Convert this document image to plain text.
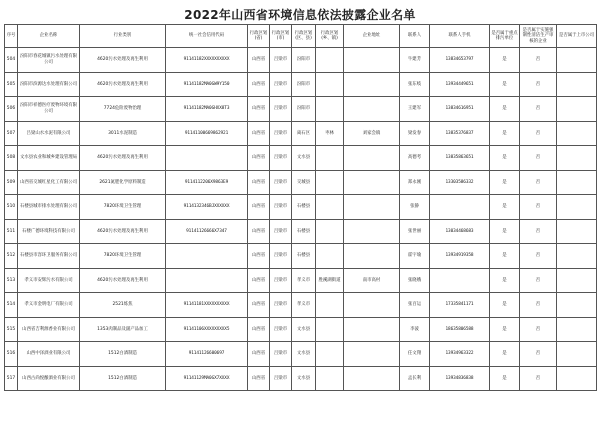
2022年山西省环境信息依法披露企业名单
序号	企业名称	行业类别	统一社会信用代码	行政区划(省)	行政区划(市)	行政区划(区、县)	行政区划(乡、镇)	企业地址	联系人	联系人手机	是否属于重点排污单位	是否属于实施强制性清洁生产审核的企业	是否属于上市公司
504	汾阳市春花城镇污水处理有限公司	4620污水处理及再生利用	91141182XXXXXXXXXX	山西省	吕梁市	汾阳市			牛建芳	13834653797	是	否	
505	汾阳市滨源达水处理有限公司	4620污水处理及再生利用	91141182MA0GW9Y150	山西省	吕梁市	汾阳市			张东岐	13934449651	是	否	
506	汾阳市祥德医疗废物环境有限公司	7724危险废物治理	91141182MA0GHXX8T3	山西省	吕梁市	汾阳市			王建军	13834616951	是	否	
507	吕梁山水水泥有限公司	3011水泥制造	91141100669862921	山西省	吕梁市	离石区	枣林	刘家会镇	梁发春	13835376837	是	否	
508	文水县农业和城乡建设管理局	4620污水处理及再生利用		山西省	吕梁市	文水县			高德考	13835863651	是	否	
509	山西省交城红星化工有限公司	2621氮肥化学原料制造	9114112206X9863E9	山西省	吕梁市	交城县			郑永刚	13303586332	是	否	
510	石楼县城市排水处理有限公司	7820环境卫生管理	9114132346BJXXXXXX	山西省	吕梁市	石楼县			张静		是	否	
511	石楼广德环境科技有限公司	4620污水处理及再生利用	91141126666X7347	山西省	吕梁市	石楼县			张世丽	13034468683	是	否	
512	石楼县市容环卫服务有限公司	7820环境卫生管理		山西省	吕梁市	石楼县			霍宇瑜	13934919358	是	否	
513	孝义市安辉污水有限公司	4620污水处理及再生利用		山西省	吕梁市	孝义市	胜溪湖街道	南市高村	张晓娥		是	否	
514	孝义市金明电厂有限公司	2521炼焦	91141181XXXXXXXXXX	山西省	吕梁市	孝义市			张百运	17335841171	是	否	
515	山西省吉利源香业有限公司	1353肉制品及副产品加工	91141106XXXXXXXXX5	山西省	吕梁市	文水县			李波	18635806588	是	否	
516	山西中泽酒业有限公司	1512白酒制造	91141126600697	山西省	吕梁市	文水县			任文翔	13934963322	是	否	
517	山西古尚悦酿酒业有限公司	1512白酒制造	91141129MA0GX7XXXX	山西省	吕梁市	文水县			孟长利	13934836838	是	否	
